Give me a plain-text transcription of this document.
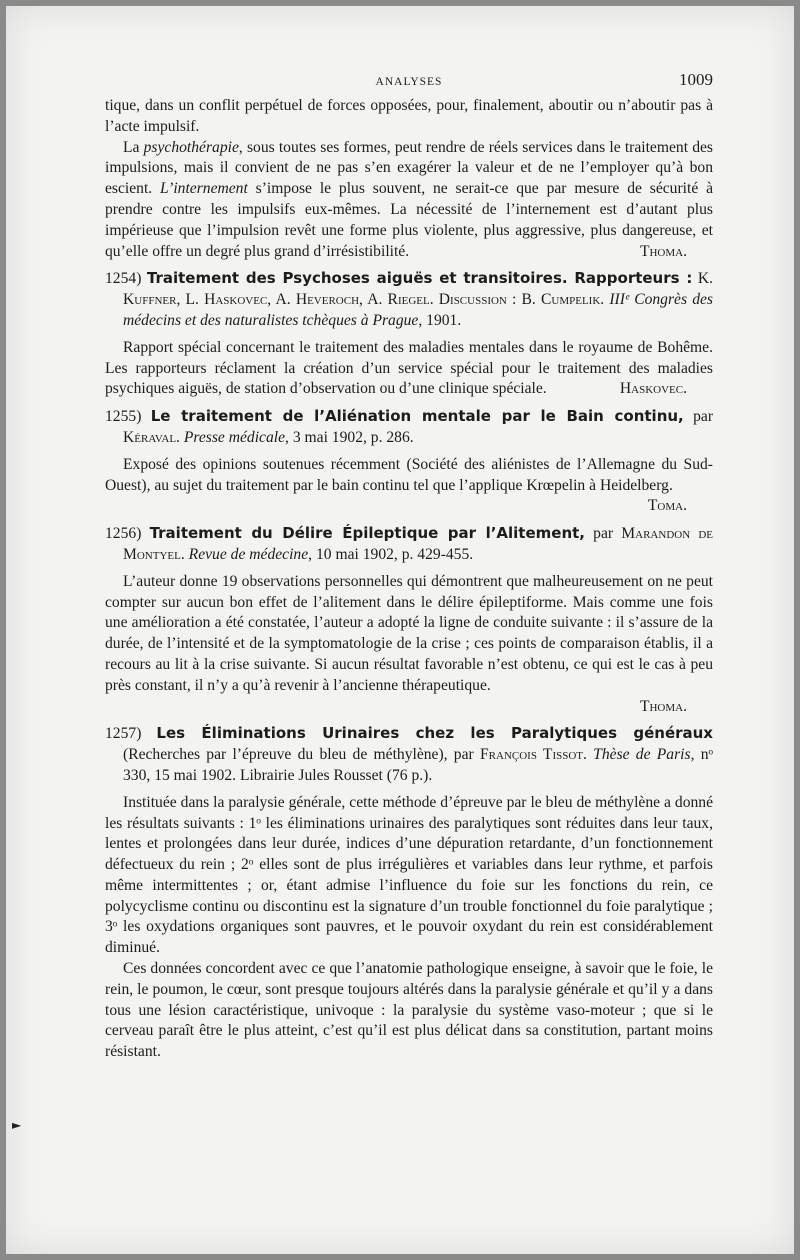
ANALYSES	1009

tique, dans un conflit perpétuel de forces opposées, pour, finalement, aboutir ou n’aboutir pas à l’acte impulsif.

La psychothérapie, sous toutes ses formes, peut rendre de réels services dans le traitement des impulsions, mais il convient de ne pas s’en exagérer la valeur et de ne l’employer qu’à bon escient. L’internement s’impose le plus souvent, ne serait-ce que par mesure de sécurité à prendre contre les impulsifs eux-mêmes. La nécessité de l’internement est d’autant plus impérieuse que l’impulsion revêt une forme plus violente, plus aggressive, plus dangereuse, et qu’elle offre un degré plus grand d’irrésistibilité.	Thoma.

1254) Traitement des Psychoses aiguës et transitoires. Rapporteurs : K. Kuffner, L. Haskovec, A. Heveroch, A. Riegel. Discussion : B. Cumpelik. IIIᵉ Congrès des médecins et des naturalistes tchèques à Prague, 1901.

Rapport spécial concernant le traitement des maladies mentales dans le royaume de Bohême. Les rapporteurs réclament la création d’un service spécial pour le traitement des maladies psychiques aiguës, de station d’observation ou d’une clinique spéciale.	Haskovec.

1255) Le traitement de l’Aliénation mentale par le Bain continu, par Kéraval. Presse médicale, 3 mai 1902, p. 286.

Exposé des opinions soutenues récemment (Société des aliénistes de l’Allemagne du Sud-Ouest), au sujet du traitement par le bain continu tel que l’applique Krœpelin à Heidelberg.
Toma.

1256) Traitement du Délire Épileptique par l’Alitement, par Marandon de Montyel. Revue de médecine, 10 mai 1902, p. 429-455.

L’auteur donne 19 observations personnelles qui démontrent que malheureusement on ne peut compter sur aucun bon effet de l’alitement dans le délire épileptiforme. Mais comme une fois une amélioration a été constatée, l’auteur a adopté la ligne de conduite suivante : il s’assure de la durée, de l’intensité et de la symptomatologie de la crise ; ces points de comparaison établis, il a recours au lit à la crise suivante. Si aucun résultat favorable n’est obtenu, ce qui est le cas à peu près constant, il n’y a qu’à revenir à l’ancienne thérapeutique.

Thoma.

1257) Les Éliminations Urinaires chez les Paralytiques généraux (Recherches par l’épreuve du bleu de méthylène), par François Tissot. Thèse de Paris, nᵒ 330, 15 mai 1902. Librairie Jules Rousset (76 p.).

Instituée dans la paralysie générale, cette méthode d’épreuve par le bleu de méthylène a donné les résultats suivants : 1ᵒ les éliminations urinaires des paralytiques sont réduites dans leur taux, lentes et prolongées dans leur durée, indices d’une dépuration retardante, d’un fonctionnement défectueux du rein ; 2ᵒ elles sont de plus irrégulières et variables dans leur rythme, et parfois même intermittentes ; or, étant admise l’influence du foie sur les fonctions du rein, ce polycyclisme continu ou discontinu est la signature d’un trouble fonctionnel du foie paralytique ; 3ᵒ les oxydations organiques sont pauvres, et le pouvoir oxydant du rein est considérablement diminué.

Ces données concordent avec ce que l’anatomie pathologique enseigne, à savoir que le foie, le rein, le poumon, le cœur, sont presque toujours altérés dans la paralysie générale et qu’il y a dans tous une lésion caractéristique, univoque : la paralysie du système vaso-moteur ; que si le cerveau paraît être le plus atteint, c’est qu’il est plus délicat dans sa constitution, partant moins résistant.

►
